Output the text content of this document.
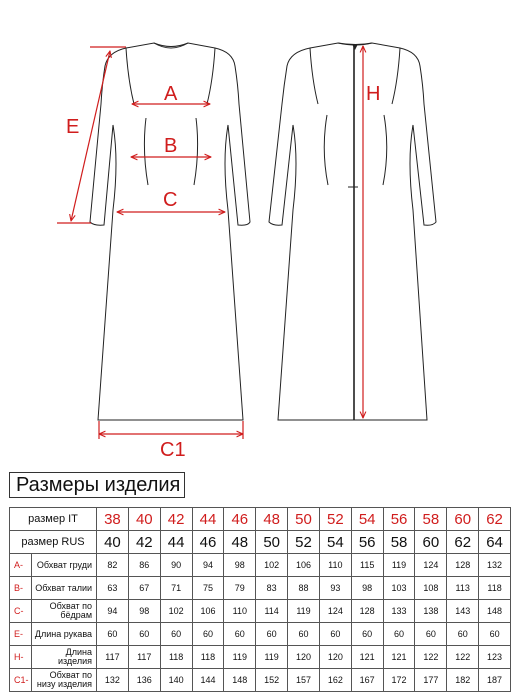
A
B
C
E
C1
H
Размеры изделия
размер IT		38	40	42	44	46	48	50	52	54	56	58	60	62
размер RUS		40	42	44	46	48	50	52	54	56	58	60	62	64
A-	Обхват груди	82	86	90	94	98	102	106	110	115	119	124	128	132
B-	Обхват талии	63	67	71	75	79	83	88	93	98	103	108	113	118
C-	Обхват по бёдрам	94	98	102	106	110	114	119	124	128	133	138	143	148
E-	Длина рукава	60	60	60	60	60	60	60	60	60	60	60	60	60
H-	Длина изделия	117	117	118	118	119	119	120	120	121	121	122	122	123
C1-	Обхват по низу изделия	132	136	140	144	148	152	157	162	167	172	177	182	187
